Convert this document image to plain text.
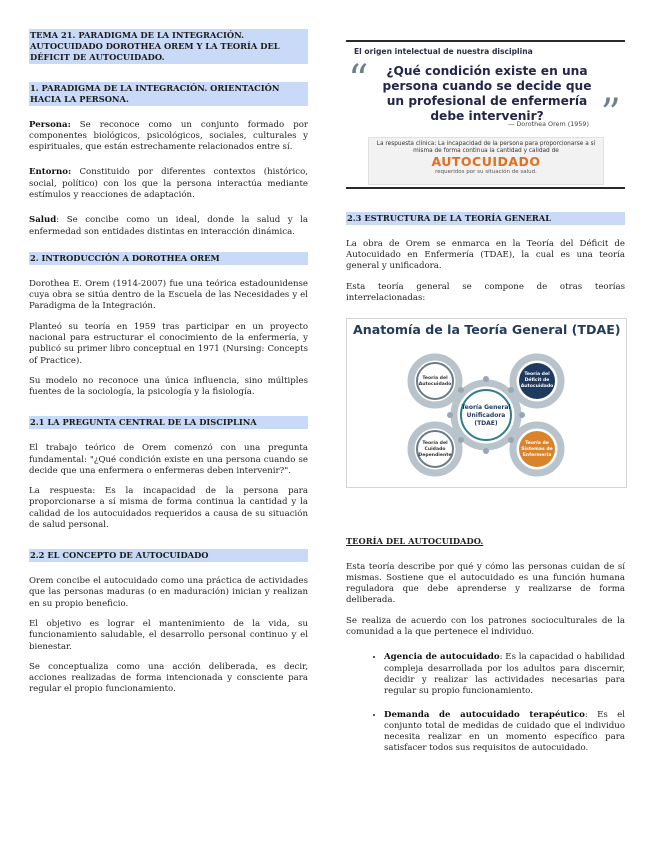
TEMA 21. PARADIGMA DE LA INTEGRACIÓN. AUTOCUIDADO DOROTHEA OREM Y LA TEORÍA DEL DÉFICIT DE AUTOCUIDADO.
1. PARADIGMA DE LA INTEGRACIÓN. ORIENTACIÓN HACIA LA PERSONA.

Persona: Se reconoce como un conjunto formado por componentes biológicos, psicológicos, sociales, culturales y espirituales, que están estrechamente relacionados entre sí.

Entorno: Constituido por diferentes contextos (histórico, social, político) con los que la persona interactúa mediante estímulos y reacciones de adaptación.

Salud: Se concibe como un ideal, donde la salud y la enfermedad son entidades distintas en interacción dinámica.

2. INTRODUCCIÓN A DOROTHEA OREM

Dorothea E. Orem (1914-2007) fue una teórica estadounidense cuya obra se sitúa dentro de la Escuela de las Necesidades y el Paradigma de la Integración.

Planteó su teoría en 1959 tras participar en un proyecto nacional para estructurar el conocimiento de la enfermería, y publicó su primer libro conceptual en 1971 (Nursing: Concepts of Practice).

Su modelo no reconoce una única influencia, sino múltiples fuentes de la sociología, la psicología y la fisiología.

2.1 LA PREGUNTA CENTRAL DE LA DISCIPLINA

El trabajo teórico de Orem comenzó con una pregunta fundamental: "¿Qué condición existe en una persona cuando se decide que una enfermera o enfermeras deben intervenir?".

La respuesta: Es la incapacidad de la persona para proporcionarse a sí misma de forma continua la cantidad y la calidad de los autocuidados requeridos a causa de su situación de salud personal.

2.2 EL CONCEPTO DE AUTOCUIDADO

Orem concibe el autocuidado como una práctica de actividades que las personas maduras (o en maduración) inician y realizan en su propio beneficio.

El objetivo es lograr el mantenimiento de la vida, su funcionamiento saludable, el desarrollo personal continuo y el bienestar.

Se conceptualiza como una acción deliberada, es decir, acciones realizadas de forma intencionada y consciente para regular el propio funcionamiento.

El origen intelectual de nuestra disciplina
“
”
¿Qué condición existe en una persona cuando se decide que un profesional de enfermería debe intervenir?
— Dorothea Orem (1959)
La respuesta clínica: La incapacidad de la persona para proporcionarse a sí misma de forma continua la cantidad y calidad de
AUTOCUIDADO
requeridos por su situación de salud.
2.3 ESTRUCTURA DE LA TEORÍA GENERAL

La obra de Orem se enmarca en la Teoría del Déficit de Autocuidado en Enfermería (TDAE), la cual es una teoría general y unificadora.

Esta teoría general se compone de otras teorías interrelacionadas:

Anatomía de la Teoría General (TDAE)
Teoría General
Unificadora
(TDAE)
Teoría del
Autocuidado
Teoría del
Déficit de
Autocuidado
Teoría del
Cuidado
Dependiente
Teoría de
Sistemas de
Enfermería
TEORÍA DEL AUTOCUIDADO.

Esta teoría describe por qué y cómo las personas cuidan de sí mismas. Sostiene que el autocuidado es una función humana reguladora que debe aprenderse y realizarse de forma deliberada.

Se realiza de acuerdo con los patrones socioculturales de la comunidad a la que pertenece el individuo.

• Agencia de autocuidado: Es la capacidad o habilidad compleja desarrollada por los adultos para discernir, decidir y realizar las actividades necesarias para regular su propio funcionamiento.
• Demanda de autocuidado terapéutico: Es el conjunto total de medidas de cuidado que el individuo necesita realizar en un momento específico para satisfacer todos sus requisitos de autocuidado.
